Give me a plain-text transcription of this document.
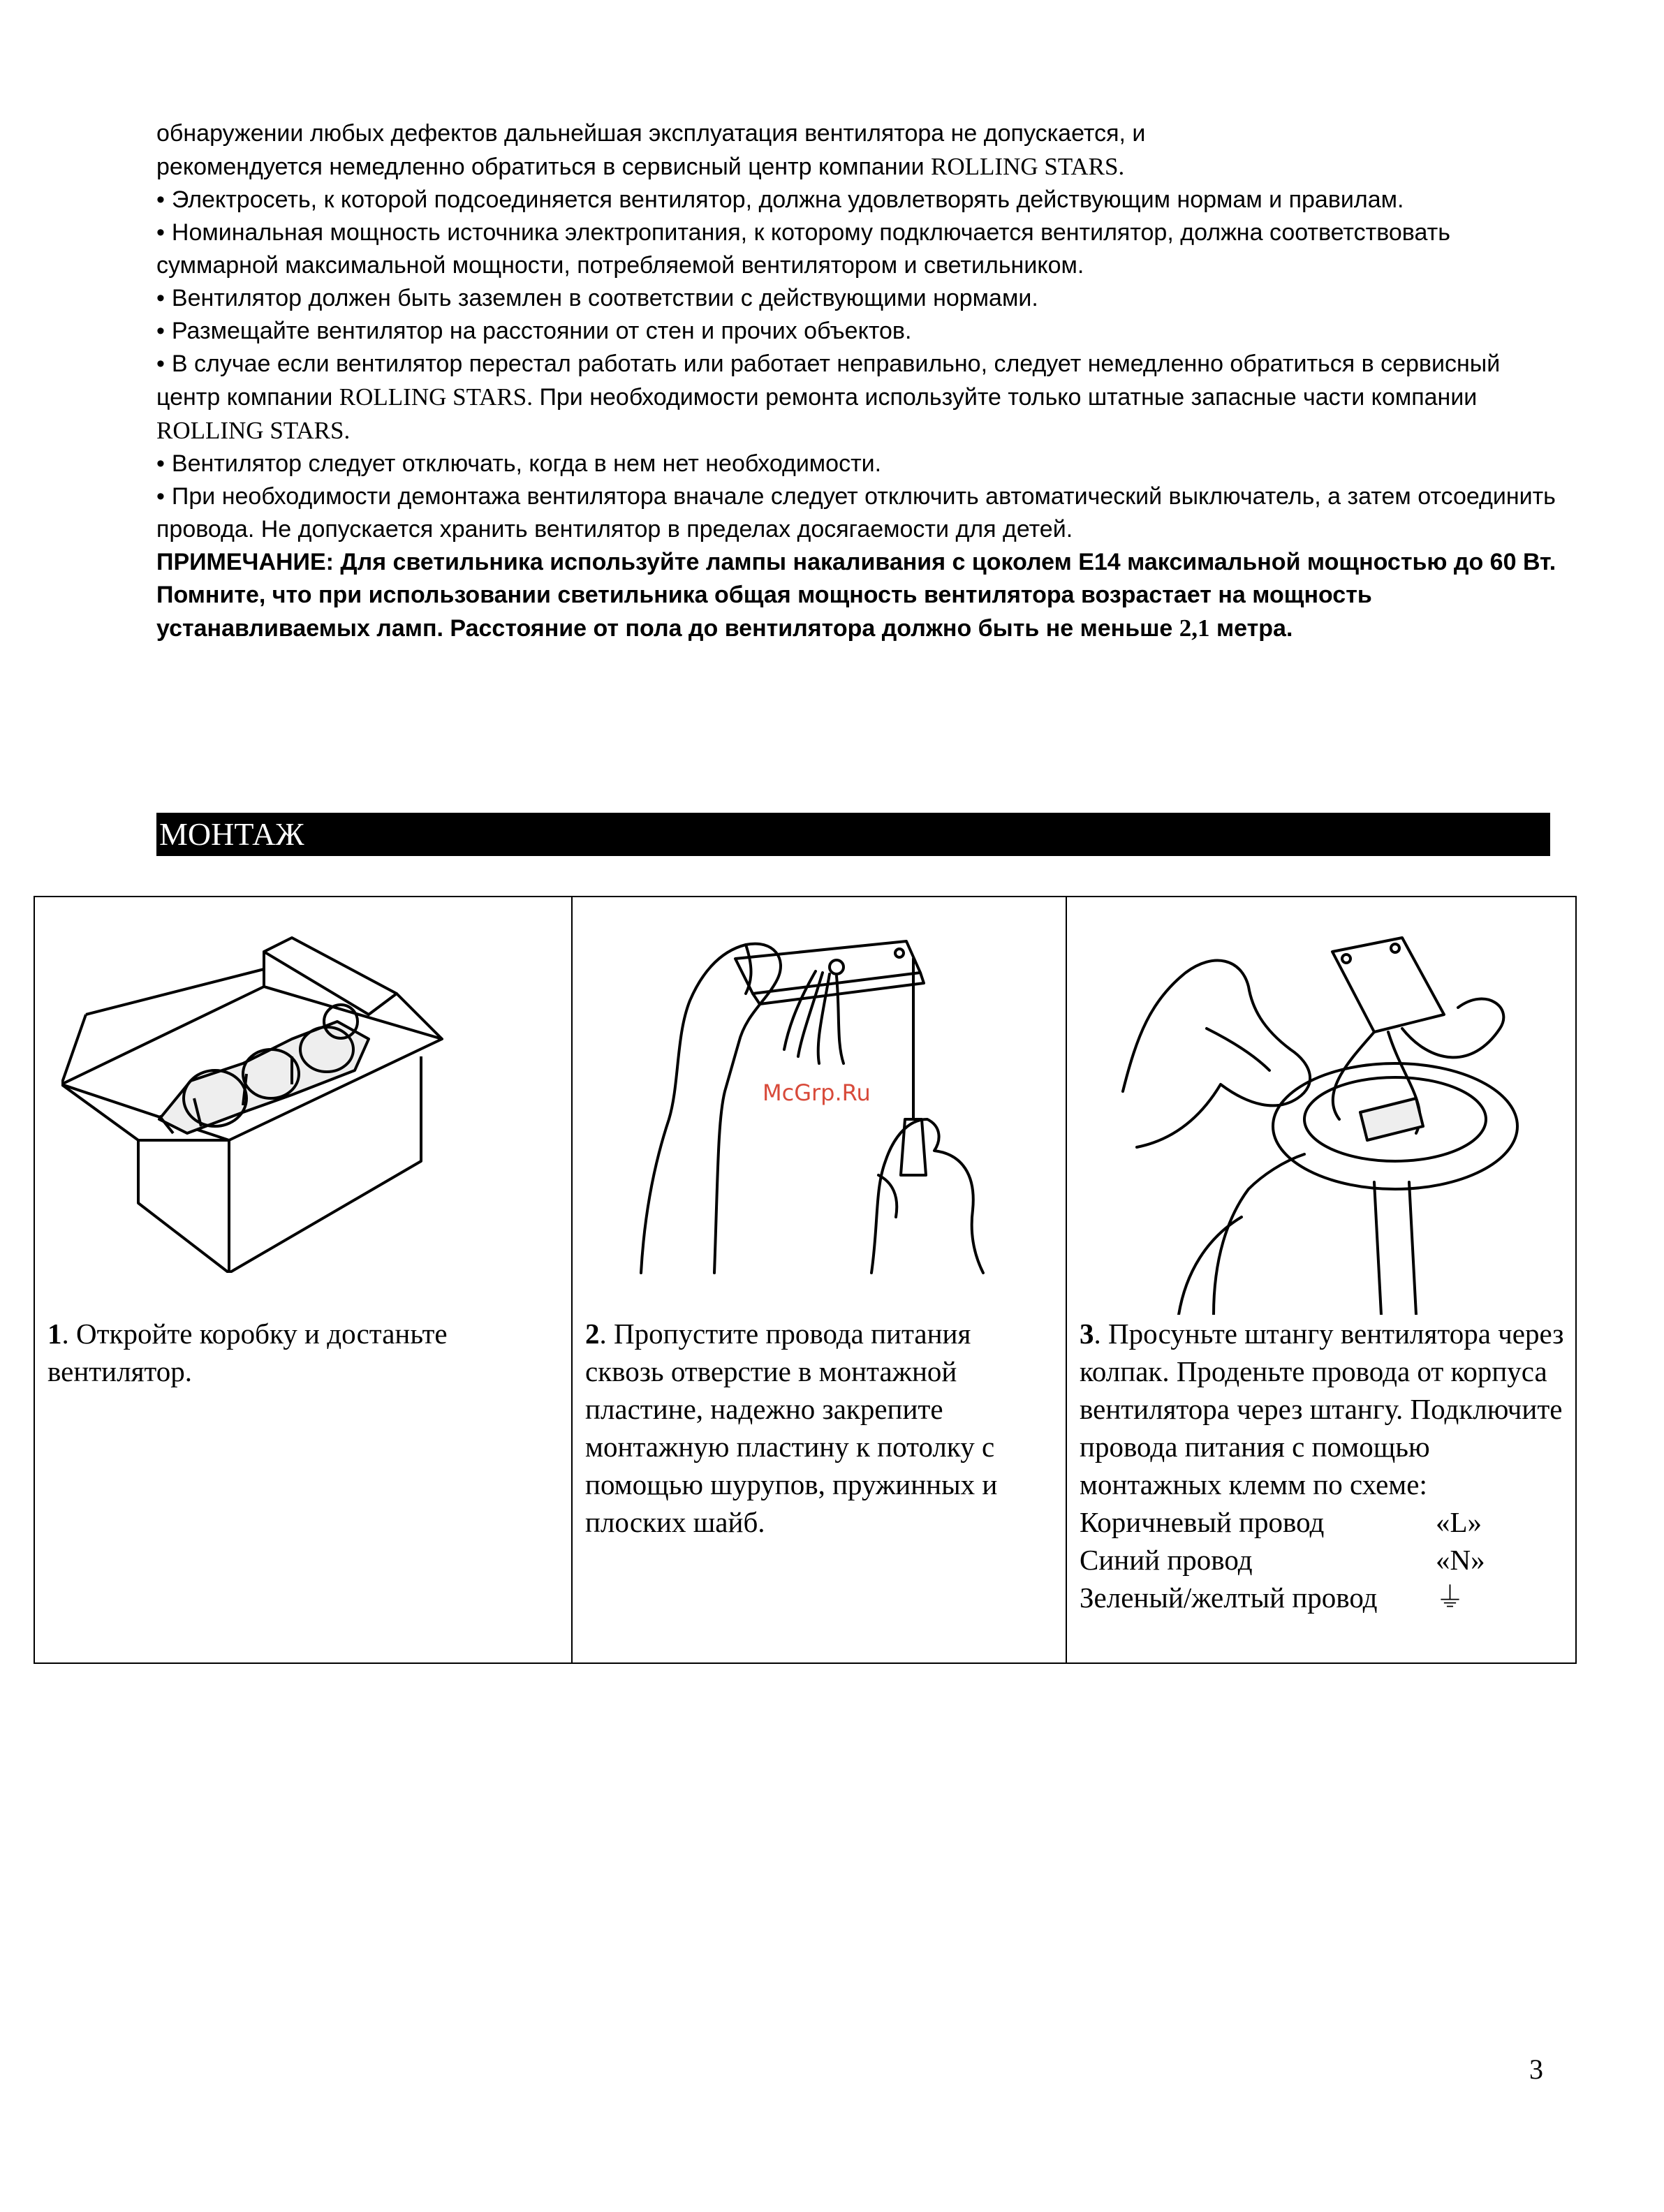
обнаружении любых дефектов дальнейшая эксплуатация вентилятора не допускается, и
рекомендуется немедленно обратиться в сервисный центр компании ROLLING STARS.

• Электросеть, к которой подсоединяется вентилятор, должна удовлетворять действующим нормам и правилам.

• Номинальная мощность источника электропитания, к которому подключается вентилятор, должна соответствовать суммарной максимальной мощности, потребляемой вентилятором и светильником.

• Вентилятор должен быть заземлен в соответствии с действующими нормами.

• Размещайте вентилятор на расстоянии от стен и прочих объектов.

• В случае если вентилятор перестал работать или работает неправильно, следует немедленно обратиться в сервисный центр компании ROLLING STARS. При необходимости ремонта используйте только штатные запасные части компании ROLLING STARS.

• Вентилятор следует отключать, когда в нем нет необходимости.

• При необходимости демонтажа вентилятора вначале следует отключить автоматический выключатель, а затем отсоединить провода. Не допускается хранить вентилятор в пределах досягаемости для детей.

ПРИМЕЧАНИЕ: Для светильника используйте лампы накаливания с цоколем Е14 максимальной мощностью до 60 Вт. Помните, что при использовании светильника общая мощность вентилятора возрастает на мощность устанавливаемых ламп. Расстояние от пола до вентилятора должно быть не меньше 2,1 метра.

МОНТАЖ
1. Откройте коробку и достаньте вентилятор.
2. Пропустите провода питания сквозь отверстие в монтажной пластине, надежно закрепите монтажную пластину к потолку с помощью шурупов, пружинных и плоских шайб.
3. Просуньте штангу вентилятора через колпак. Проденьте провода от корпуса вентилятора через штангу. Подключите провода питания с помощью монтажных клемм по схеме:
Коричневый провод	«L»
Синий провод	«N»
Зеленый/желтый провод	⏚
McGrp.Ru
3
